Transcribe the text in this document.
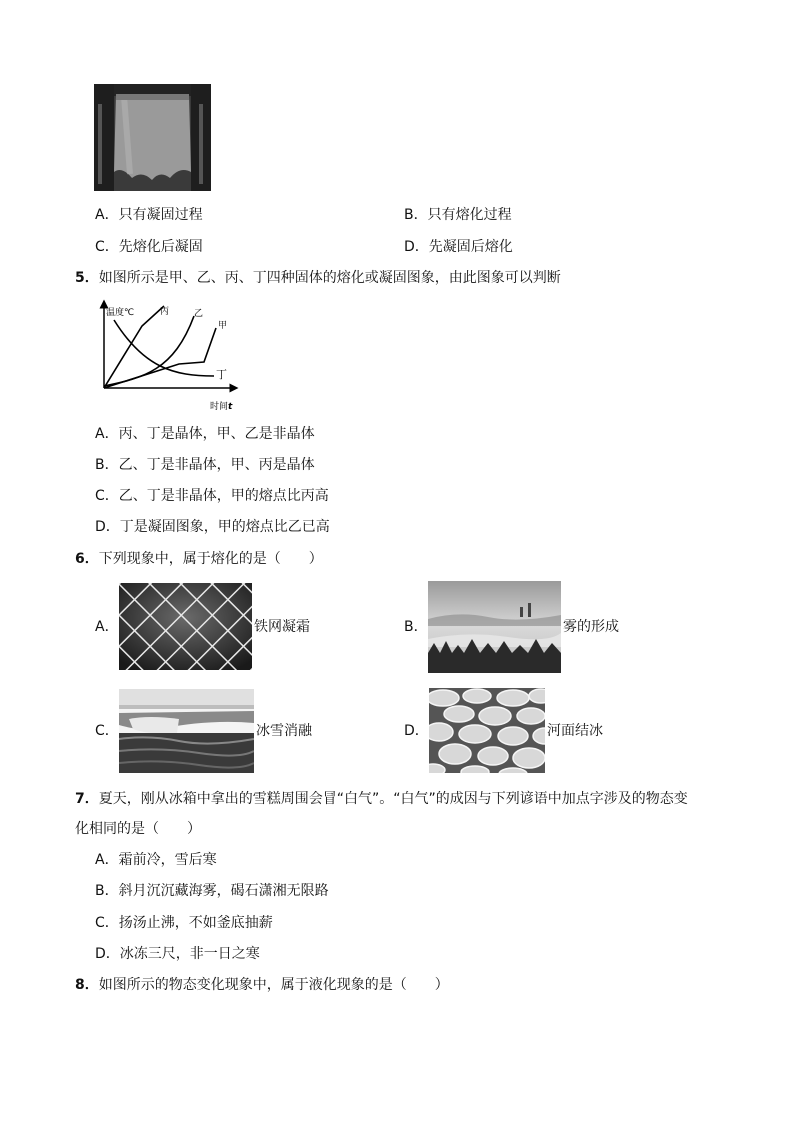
A．只有凝固过程	B．只有熔化过程
C．先熔化后凝固	D．先凝固后熔化
5．如图所示是甲、乙、丙、丁四种固体的熔化或凝固图象，由此图象可以判断
温度℃	丙	乙
甲
丁
时间t
A．丙、丁是晶体，甲、乙是非晶体
B．乙、丁是非晶体，甲、丙是晶体
C．乙、丁是非晶体，甲的熔点比丙高
D．丁是凝固图象，甲的熔点比乙已高
6．下列现象中，属于熔化的是（　　）
A．	铁网凝霜	B．	雾的形成
C．	冰雪消融	D．	河面结冰
7．夏天，刚从冰箱中拿出的雪糕周围会冒“白气”。“白气”的成因与下列谚语中加点字涉及的物态变
化相同的是（　　）
A．霜前冷，雪后寒
B．斜月沉沉藏海雾，碣石潇湘无限路
C．扬汤止沸，不如釜底抽薪
D．冰冻三尺，非一日之寒
8．如图所示的物态变化现象中，属于液化现象的是（　　）
